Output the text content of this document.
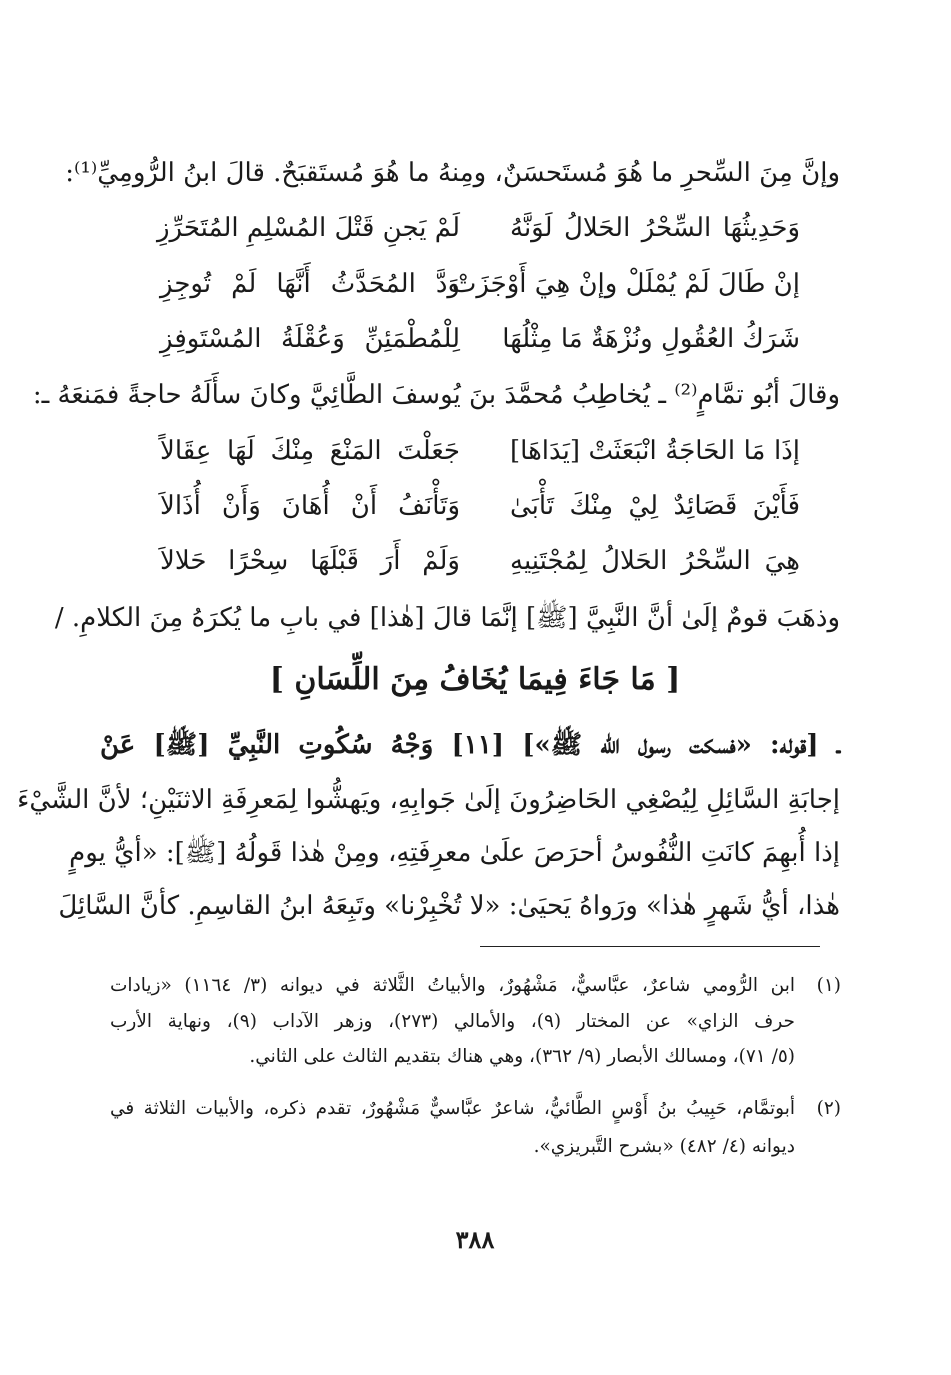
وإنَّ مِنَ السِّحرِ ما هُوَ مُستَحسَنٌ، ومِنهُ ما هُوَ مُستَقبَحٌ. قالَ ابنُ الرُّومِيِّ⁽¹⁾:
وَحَدِيثُهَا السِّحْرُ الحَلالُ لَوَنَّهُ
لَمْ يَجنِ قَتْلَ المُسْلِمِ المُتَحَرِّزِ
إنْ طَالَ لَمْ يُمْلَلْ وإنْ هِيَ أَوْجَزَتْ
وَدَّ المُحَدَّثُ أَنَّهَا لَمْ تُوجِزِ
شَرَكُ العُقُولِ ونُزْهَةٌ مَا مِثْلُهَا
لِلْمُطْمَئِنِّ وَعُقْلَةُ المُسْتَوفِزِ
وقالَ أبُو تمَّامٍ⁽²⁾ ـ يُخاطِبُ مُحمَّدَ بنَ يُوسفَ الطَّائِيَّ وكانَ سأَلَهُ حاجةً فمَنعَهُ ـ:
إذَا مَا الحَاجَةُ انْبَعَثَتْ [يَدَاهَا]
جَعَلْتَ المَنْعَ مِنْكَ لَهَا عِقَالاً
فَأَيْنَ قَصَائِدٌ لِيْ مِنْكَ تَأْبَىٰ
وَتَأْنَفُ أَنْ أُهَانَ وَأَنْ أُذَالاَ
هِيَ السِّحْرُ الحَلالُ لِمُجْتَنِيهِ
وَلَمْ أَرَ قَبْلَهَا سِحْرًا حَلالاَ
وذهَبَ قومٌ إلَىٰ أنَّ النَّبِيَّ [ﷺ] إنَّمَا قالَ [هٰذا] في بابِ ما يُكرَهُ مِنَ الكلامِ. /
[ مَا جَاءَ فِيمَا يُخَافُ مِنَ اللِّسَانِ ]
ـ [قوله: «فسكت رسول الله ﷺ»] [١١] وَجْهُ سُكُوتِ النَّبِيِّ [ﷺ] عَنْ
إجابَةِ السَّائِلِ لِيُصْغِي الحَاضِرُونَ إلَىٰ جَوابِهِ، ويَهشُّوا لِمَعرِفَةِ الاثنَيْنِ؛ لأنَّ الشَّيْءَ
إذا أُبهِمَ كانَتِ النُّفُوسُ أحرَصَ علَىٰ معرِفَتِهِ، ومِنْ هٰذا قَولُهُ [ﷺ]: «أيُّ يومٍ
هٰذا، أيُّ شَهرٍ هٰذا» ورَواهُ يَحيَىٰ: «لا تُخْبِرْنا» وتَبِعَهُ ابنُ القاسِمِ. كأنَّ السَّائِلَ
(١)
ابن الرُّومي شاعرٌ، عبَّاسيٌّ، مَشْهُورٌ، والأبياتُ الثَّلاثة في ديوانه (٣/ ١١٦٤) «زيادات
حرف الزاي» عن المختار (٩)، والأمالي (٢٧٣)، وزهر الآداب (٩)، ونهاية الأرب
(٥/ ٧١)، ومسالك الأبصار (٩/ ٣٦٢)، وهي هناك بتقديم الثالث على الثاني.
(٢)
أبوتمَّام، حَبِيبُ بنُ أَوْسٍ الطَّائيُّ، شاعرٌ عبَّاسيٌّ مَشْهُورٌ، تقدم ذكره، والأبيات الثلاثة في
ديوانه (٤/ ٤٨٢) «بشرح التَّبريزي».
٣٨٨
